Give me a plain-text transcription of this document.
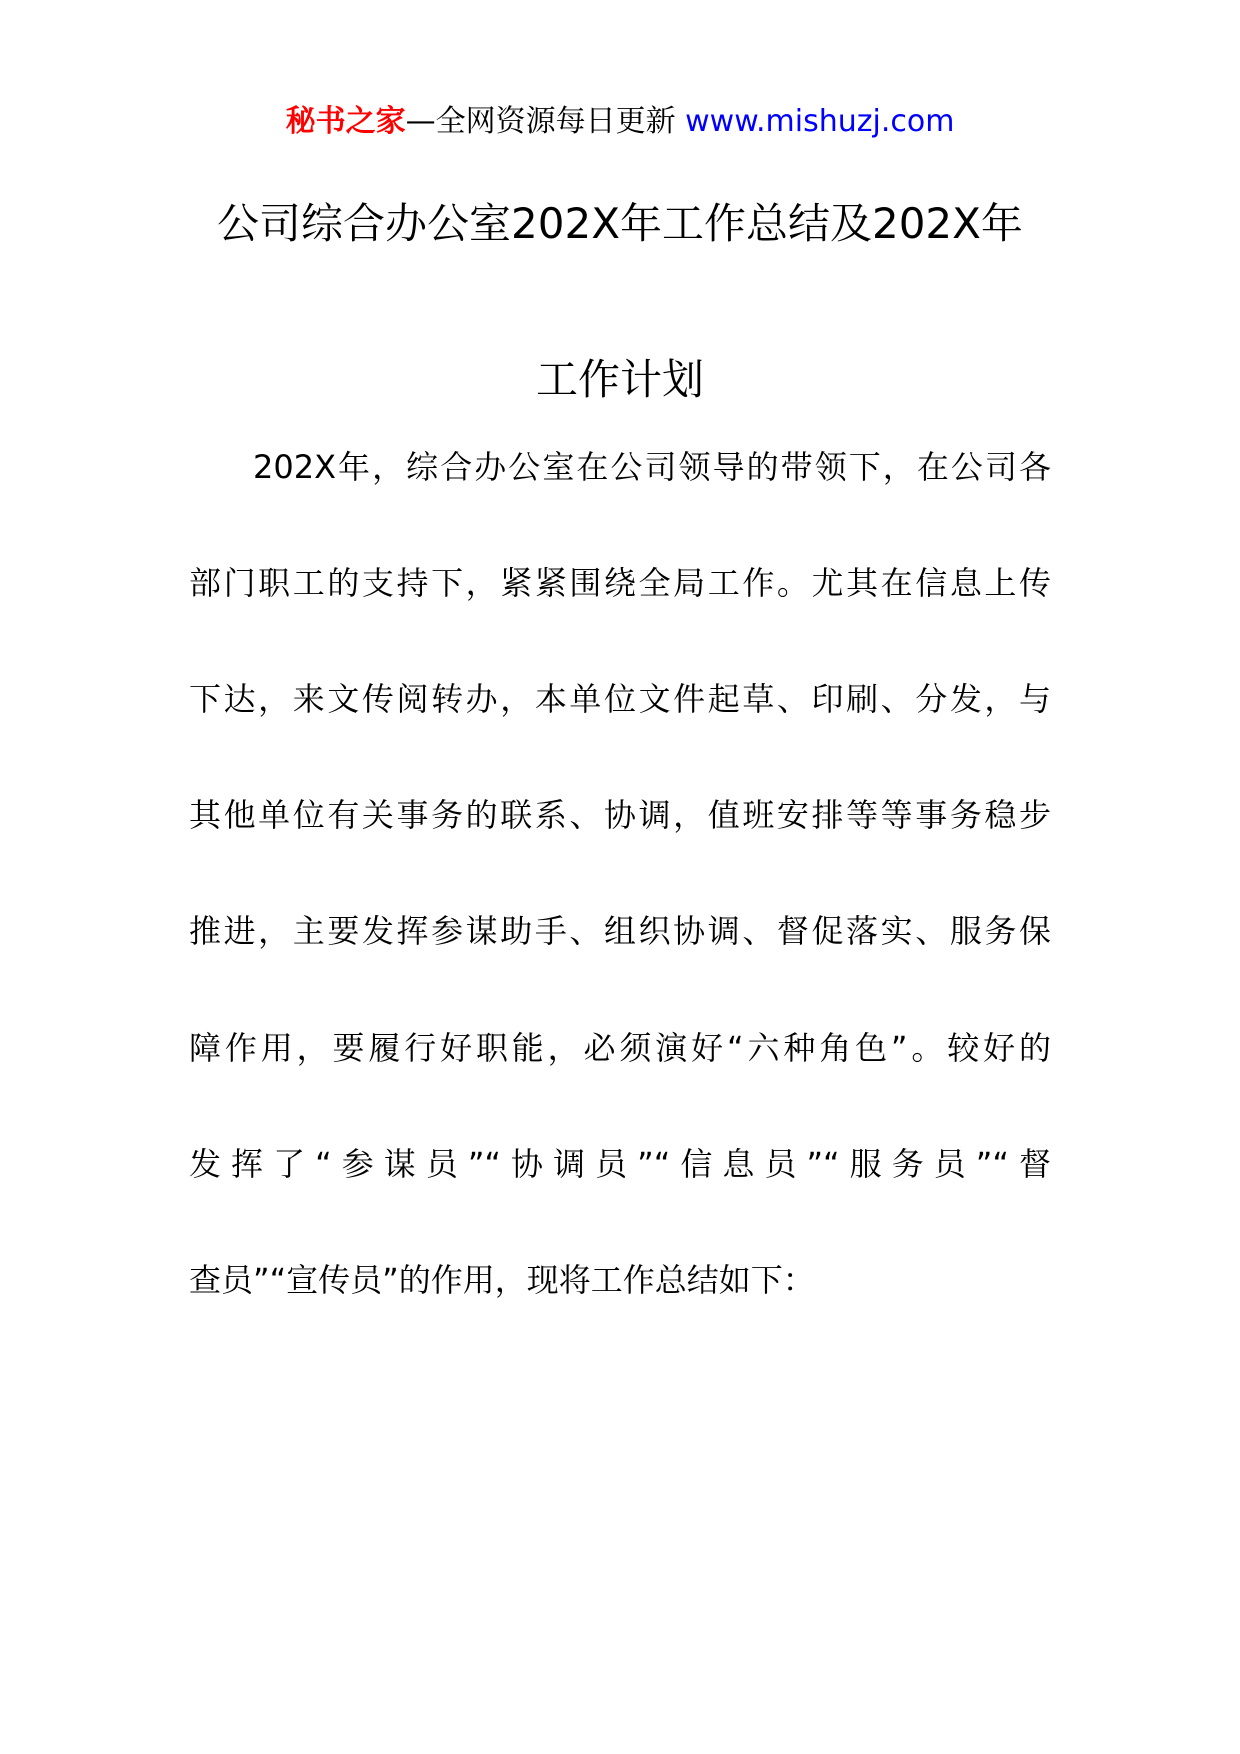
秘书之家—全网资源每日更新 www.mishuzj.com
公司综合办公室202X年工作总结及202X年
工作计划
202X年，综合办公室在公司领导的带领下，在公司各
部门职工的支持下，紧紧围绕全局工作。尤其在信息上传
下达，来文传阅转办，本单位文件起草、印刷、分发，与
其他单位有关事务的联系、协调，值班安排等等事务稳步
推进，主要发挥参谋助手、组织协调、督促落实、服务保
障作用，要履行好职能，必须演好“六种角色”。较好的
发挥了“参谋员”“协调员”“信息员”“服务员”“督
查员”“宣传员”的作用，现将工作总结如下：
